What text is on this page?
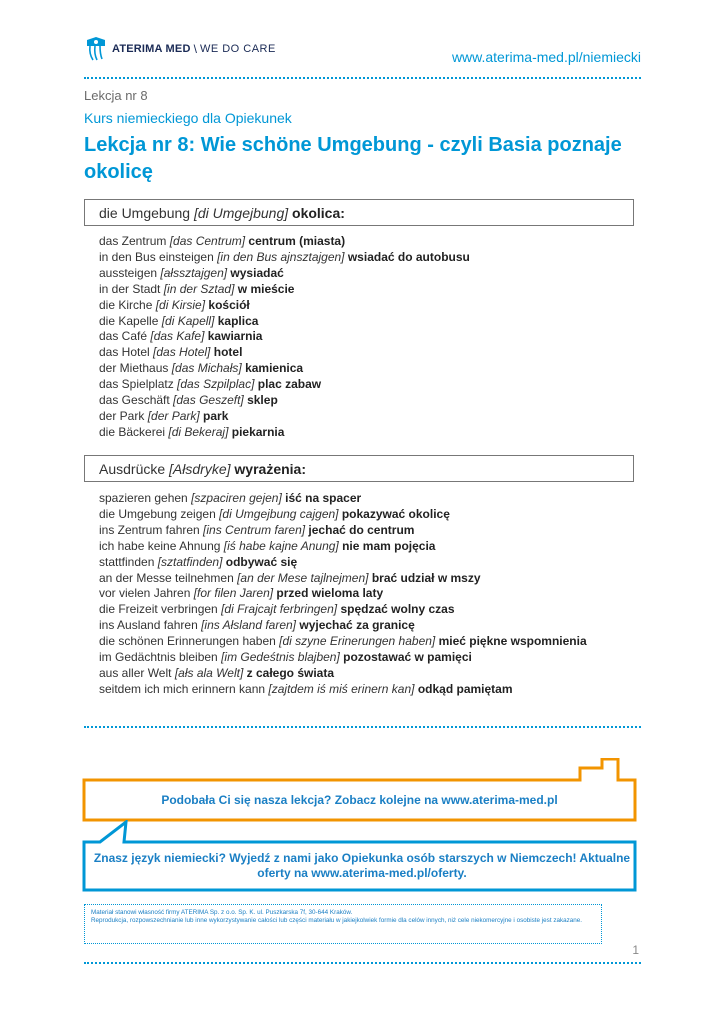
ATERIMA MED \ WE DO CARE	www.aterima-med.pl/niemiecki
Lekcja nr 8
Kurs niemieckiego dla Opiekunek
Lekcja nr 8: Wie schöne Umgebung - czyli Basia poznaje okolicę
die Umgebung [di Umgejbung] okolica:
das Zentrum [das Centrum] centrum (miasta)
in den Bus einsteigen [in den Bus ajnsztajgen] wsiadać do autobusu
aussteigen [ałssztajgen] wysiadać
in der Stadt [in der Sztad] w mieście
die Kirche [di Kirsie] kościół
die Kapelle [di Kapell] kaplica
das Café [das Kafe] kawiarnia
das Hotel [das Hotel] hotel
der Miethaus [das Michałs] kamienica
das Spielplatz [das Szpilplac] plac zabaw
das Geschäft [das Geszeft] sklep
der Park [der Park] park
die Bäckerei [di Bekeraj] piekarnia
Ausdrücke [Ałsdryke] wyrażenia:
spazieren gehen [szpaciren gejen] iść na spacer
die Umgebung zeigen [di Umgejbung cajgen] pokazywać okolicę
ins Zentrum fahren [ins Centrum faren] jechać do centrum
ich habe keine Ahnung [iś habe kajne Anung] nie mam pojęcia
stattfinden [sztatfinden] odbywać się
an der Messe teilnehmen [an der Mese tajlnejmen] brać udział w mszy
vor vielen Jahren [for filen Jaren] przed wieloma laty
die Freizeit verbringen [di Frajcajt ferbringen] spędzać wolny czas
ins Ausland fahren [ins Ałsland faren] wyjechać za granicę
die schönen Erinnerungen haben [di szyne Erinerungen haben] mieć piękne wspomnienia
im Gedächtnis bleiben [im Gedeśtnis blajben] pozostawać w pamięci
aus aller Welt [ałs ala Welt] z całego świata
seitdem ich mich erinnern kann [zajtdem iś miś erinern kan] odkąd pamiętam
Podobała Ci się nasza lekcja? Zobacz kolejne na www.aterima-med.pl
Znasz język niemiecki? Wyjedź z nami jako Opiekunka osób starszych w Niemczech! Aktualne
oferty na www.aterima-med.pl/oferty.
Materiał stanowi własność firmy ATERIMA Sp. z o.o. Sp. K. ul. Puszkarska 7f, 30-644 Kraków.
Reprodukcja, rozpowszechnianie lub inne wykorzystywanie całości lub części materiału w jakiejkolwiek formie dla celów innych, niż cele niekomercyjne i osobiste jest zakazane.
1
